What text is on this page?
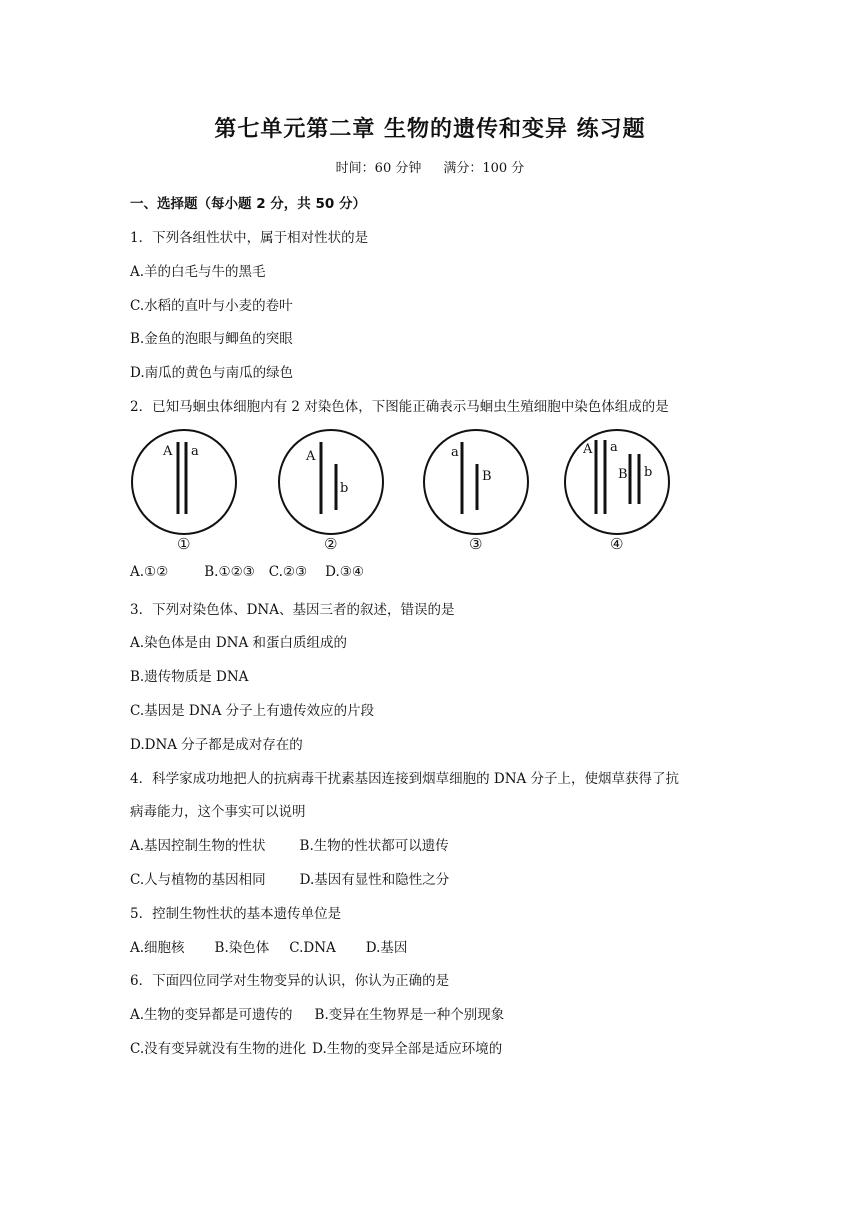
第七单元第二章 生物的遗传和变异 练习题
时间：60 分钟 满分：100 分
一、选择题（每小题 2 分，共 50 分）
1．下列各组性状中，属于相对性状的是
A.羊的白毛与牛的黑毛
C.水稻的直叶与小麦的卷叶
B.金鱼的泡眼与鲫鱼的突眼
D.南瓜的黄色与南瓜的绿色
2．已知马蛔虫体细胞内有 2 对染色体，下图能正确表示马蛔虫生殖细胞中染色体组成的是
A a
①
A
b
②
a
B
③
A a
B b
④
A.①②	B.①②③ C.②③ D.③④
3．下列对染色体、DNA、基因三者的叙述，错误的是
A.染色体是由 DNA 和蛋白质组成的
B.遗传物质是 DNA
C.基因是 DNA 分子上有遗传效应的片段
D.DNA 分子都是成对存在的
4．科学家成功地把人的抗病毒干扰素基因连接到烟草细胞的 DNA 分子上，使烟草获得了抗
病毒能力，这个事实可以说明
A.基因控制生物的性状	B.生物的性状都可以遗传
C.人与植物的基因相同	D.基因有显性和隐性之分
5．控制生物性状的基本遗传单位是
A.细胞核 B.染色体 C.DNA D.基因
6．下面四位同学对生物变异的认识，你认为正确的是
A.生物的变异都是可遗传的 B.变异在生物界是一种个别现象
C.没有变异就没有生物的进化 D.生物的变异全部是适应环境的
